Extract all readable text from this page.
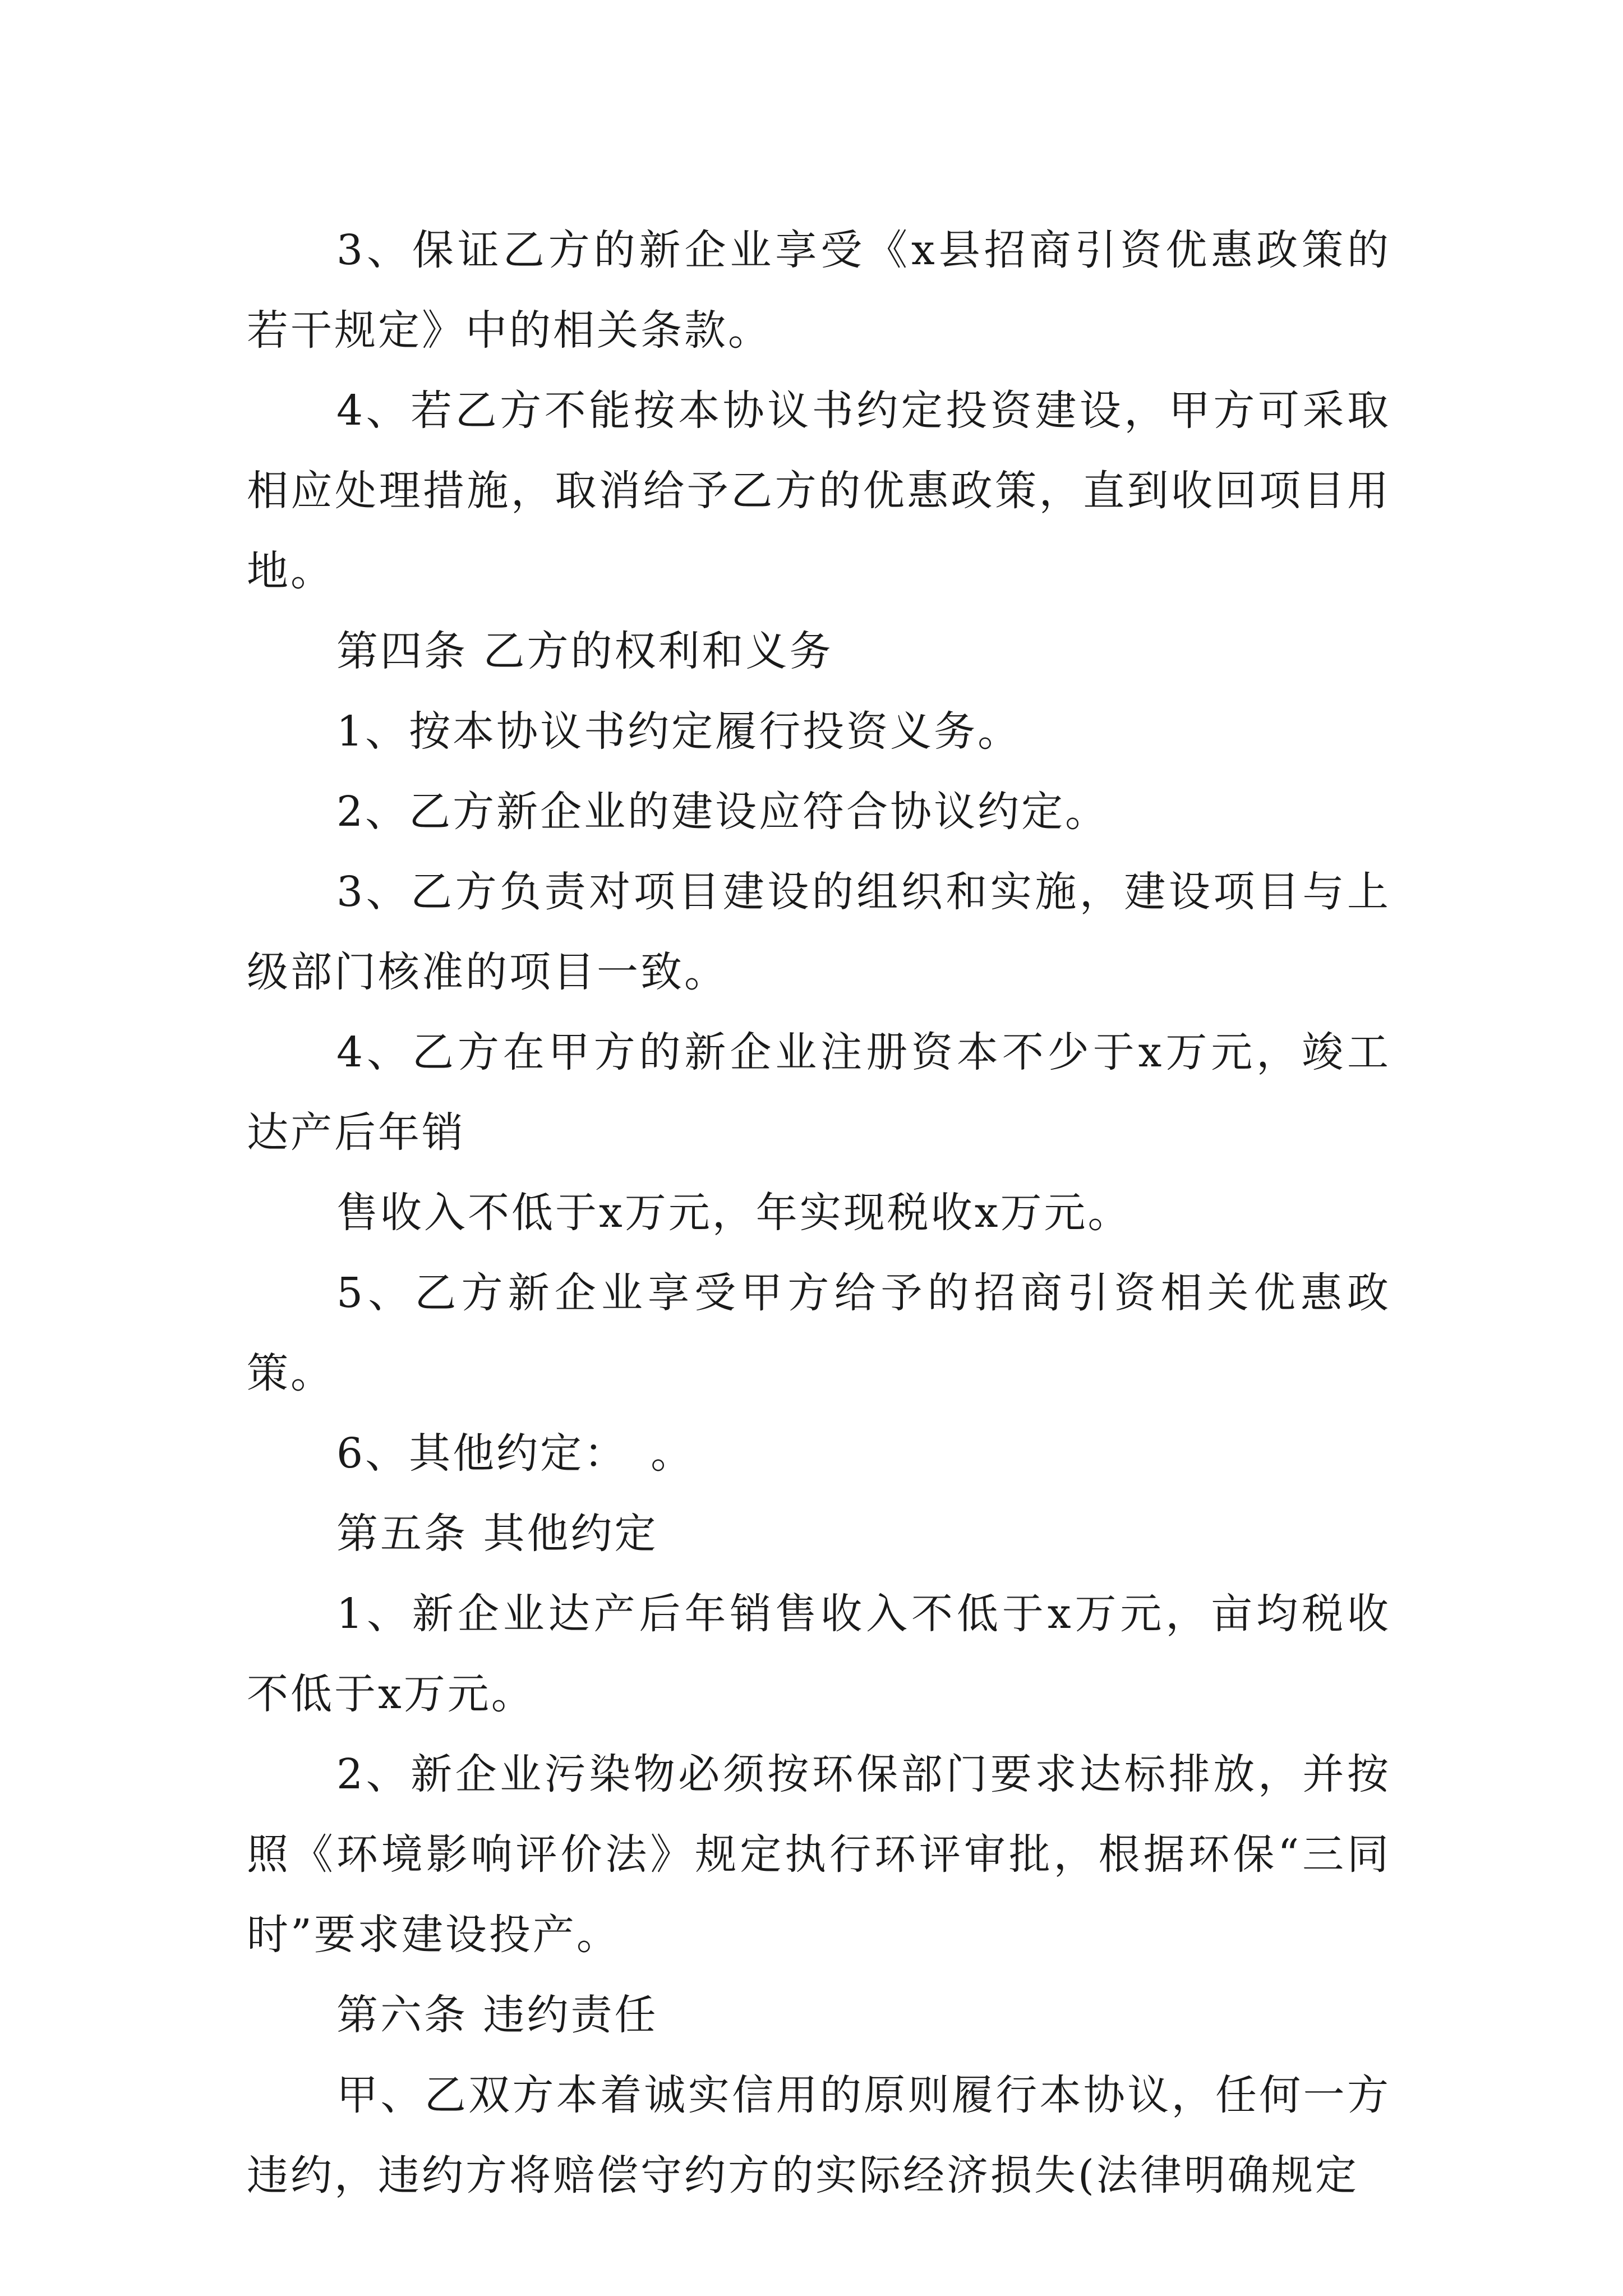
3、保证乙方的新企业享受《x县招商引资优惠政策的若干规定》中的相关条款。

4、若乙方不能按本协议书约定投资建设，甲方可采取相应处理措施，取消给予乙方的优惠政策，直到收回项目用地。

第四条 乙方的权利和义务

1、按本协议书约定履行投资义务。

2、乙方新企业的建设应符合协议约定。

3、乙方负责对项目建设的组织和实施，建设项目与上级部门核准的项目一致。

4、乙方在甲方的新企业注册资本不少于x万元，竣工达产后年销

售收入不低于x万元，年实现税收x万元。

5、乙方新企业享受甲方给予的招商引资相关优惠政策。

6、其他约定：　。

第五条 其他约定

1、新企业达产后年销售收入不低于x万元，亩均税收不低于x万元。

2、新企业污染物必须按环保部门要求达标排放，并按照《环境影响评价法》规定执行环评审批，根据环保“三同时”要求建设投产。

第六条 违约责任

甲、乙双方本着诚实信用的原则履行本协议，任何一方违约，违约方将赔偿守约方的实际经济损失(法律明确规定
